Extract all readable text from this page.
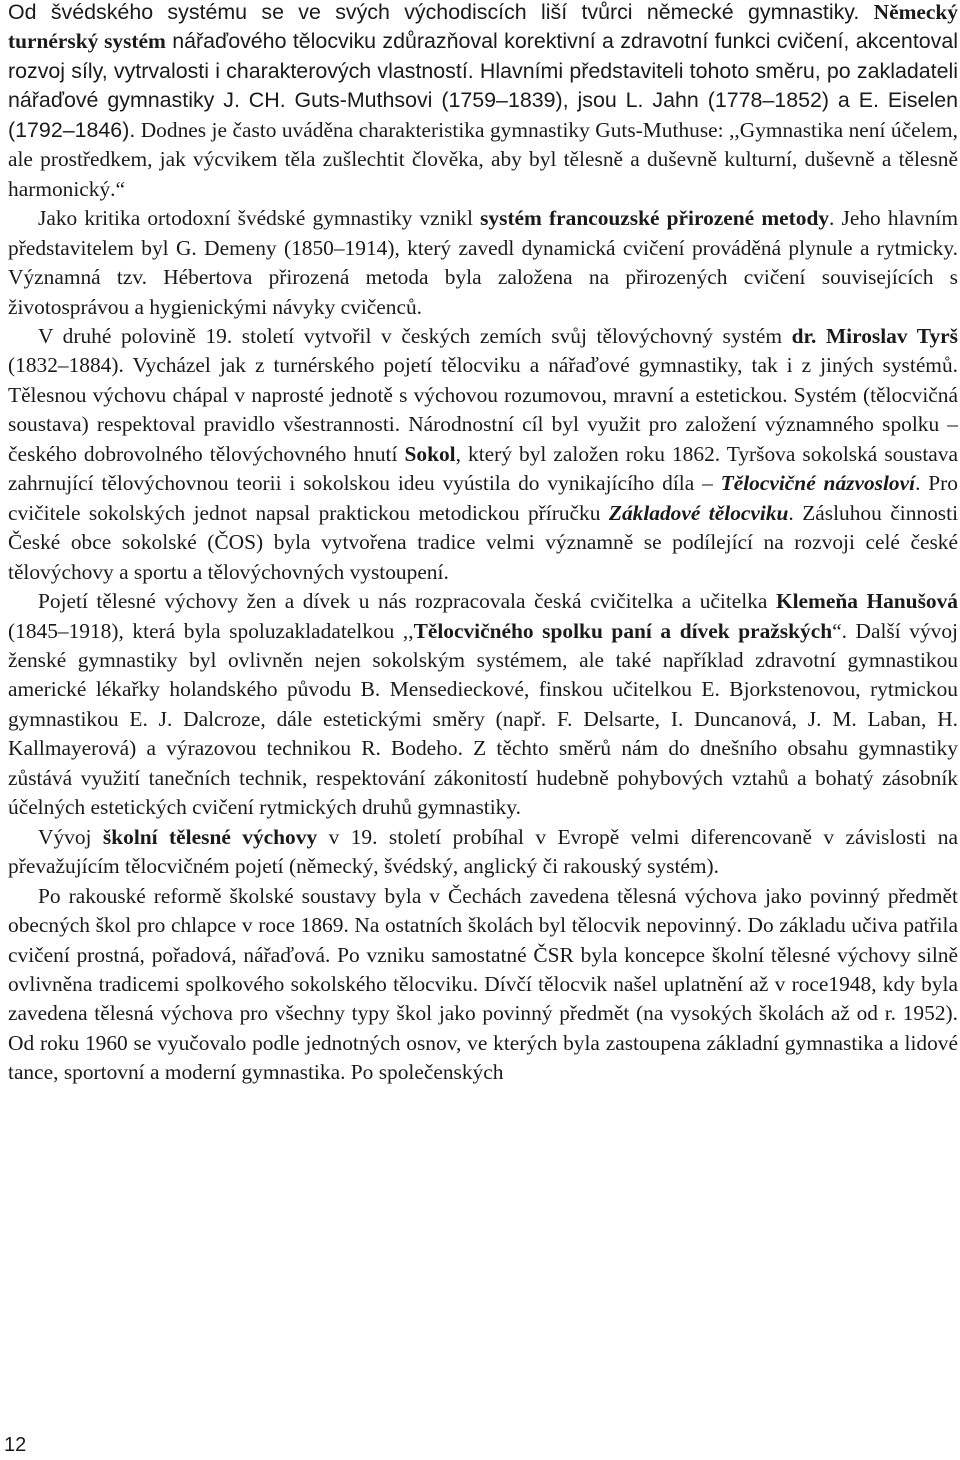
Od švédského systému se ve svých východiscích liší tvůrci německé gymnastiky. Německý turnérský systém nářaďového tělocviku zdůrazňoval korektivní a zdravotní funkci cvičení, akcentoval rozvoj síly, vytrvalosti i charakterových vlastností. Hlavními představiteli tohoto směru, po zakladateli nářaďové gymnastiky J. CH. Guts-Muthsovi (1759–1839), jsou L. Jahn (1778–1852) a E. Eiselen (1792–1846). Dodnes je často uváděna charakteristika gymnastiky Guts-Muthuse: ,,Gymnastika není účelem, ale prostředkem, jak výcvikem těla zušlechtit člověka, aby byl tělesně a duševně kulturní, duševně a tělesně harmonický.“

Jako kritika ortodoxní švédské gymnastiky vznikl systém francouzské přirozené metody. Jeho hlavním představitelem byl G. Demeny (1850–1914), který zavedl dynamická cvičení prováděná plynule a rytmicky. Významná tzv. Hébertova přirozená metoda byla založena na přirozených cvičení souvisejících s životosprávou a hygienickými návyky cvičenců.

V druhé polovině 19. století vytvořil v českých zemích svůj tělovýchovný systém dr. Miroslav Tyrš (1832–1884). Vycházel jak z turnérského pojetí tělocviku a nářaďové gymnastiky, tak i z jiných systémů. Tělesnou výchovu chápal v naprosté jednotě s výchovou rozumovou, mravní a estetickou. Systém (tělocvičná soustava) respektoval pravidlo všestrannosti. Národnostní cíl byl využit pro založení významného spolku – českého dobrovolného tělovýchovného hnutí Sokol, který byl založen roku 1862. Tyršova sokolská soustava zahrnující tělovýchovnou teorii i sokolskou ideu vyústila do vynikajícího díla – Tělocvičné názvosloví. Pro cvičitele sokolských jednot napsal praktickou metodickou příručku Základové tělocviku. Zásluhou činnosti České obce sokolské (ČOS) byla vytvořena tradice velmi významně se podílející na rozvoji celé české tělovýchovy a sportu a tělovýchovných vystoupení.

Pojetí tělesné výchovy žen a dívek u nás rozpracovala česká cvičitelka a učitelka Klemeňa Hanušová (1845–1918), která byla spoluzakladatelkou ,,Tělocvičného spolku paní a dívek pražských“. Další vývoj ženské gymnastiky byl ovlivněn nejen sokolským systémem, ale také například zdravotní gymnastikou americké lékařky holandského původu B. Mensedieckové, finskou učitelkou E. Bjorkstenovou, rytmickou gymnastikou E. J. Dalcroze, dále estetickými směry (např. F. Delsarte, I. Duncanová, J. M. Laban, H. Kallmayerová) a výrazovou technikou R. Bodeho. Z těchto směrů nám do dnešního obsahu gymnastiky zůstává využití tanečních technik, respektování zákonitostí hudebně pohybových vztahů a bohatý zásobník účelných estetických cvičení rytmických druhů gymnastiky.

Vývoj školní tělesné výchovy v 19. století probíhal v Evropě velmi diferencovaně v závislosti na převažujícím tělocvičném pojetí (německý, švédský, anglický či rakouský systém).

Po rakouské reformě školské soustavy byla v Čechách zavedena tělesná výchova jako povinný předmět obecných škol pro chlapce v roce 1869. Na ostatních školách byl tělocvik nepovinný. Do základu učiva patřila cvičení prostná, pořadová, nářaďová. Po vzniku samostatné ČSR byla koncepce školní tělesné výchovy silně ovlivněna tradicemi spolkového sokolského tělocviku. Dívčí tělocvik našel uplatnění až v roce1948, kdy byla zavedena tělesná výchova pro všechny typy škol jako povinný předmět (na vysokých školách až od r. 1952). Od roku 1960 se vyučovalo podle jednotných osnov, ve kterých byla zastoupena základní gymnastika a lidové tance, sportovní a moderní gymnastika. Po společenských

12
